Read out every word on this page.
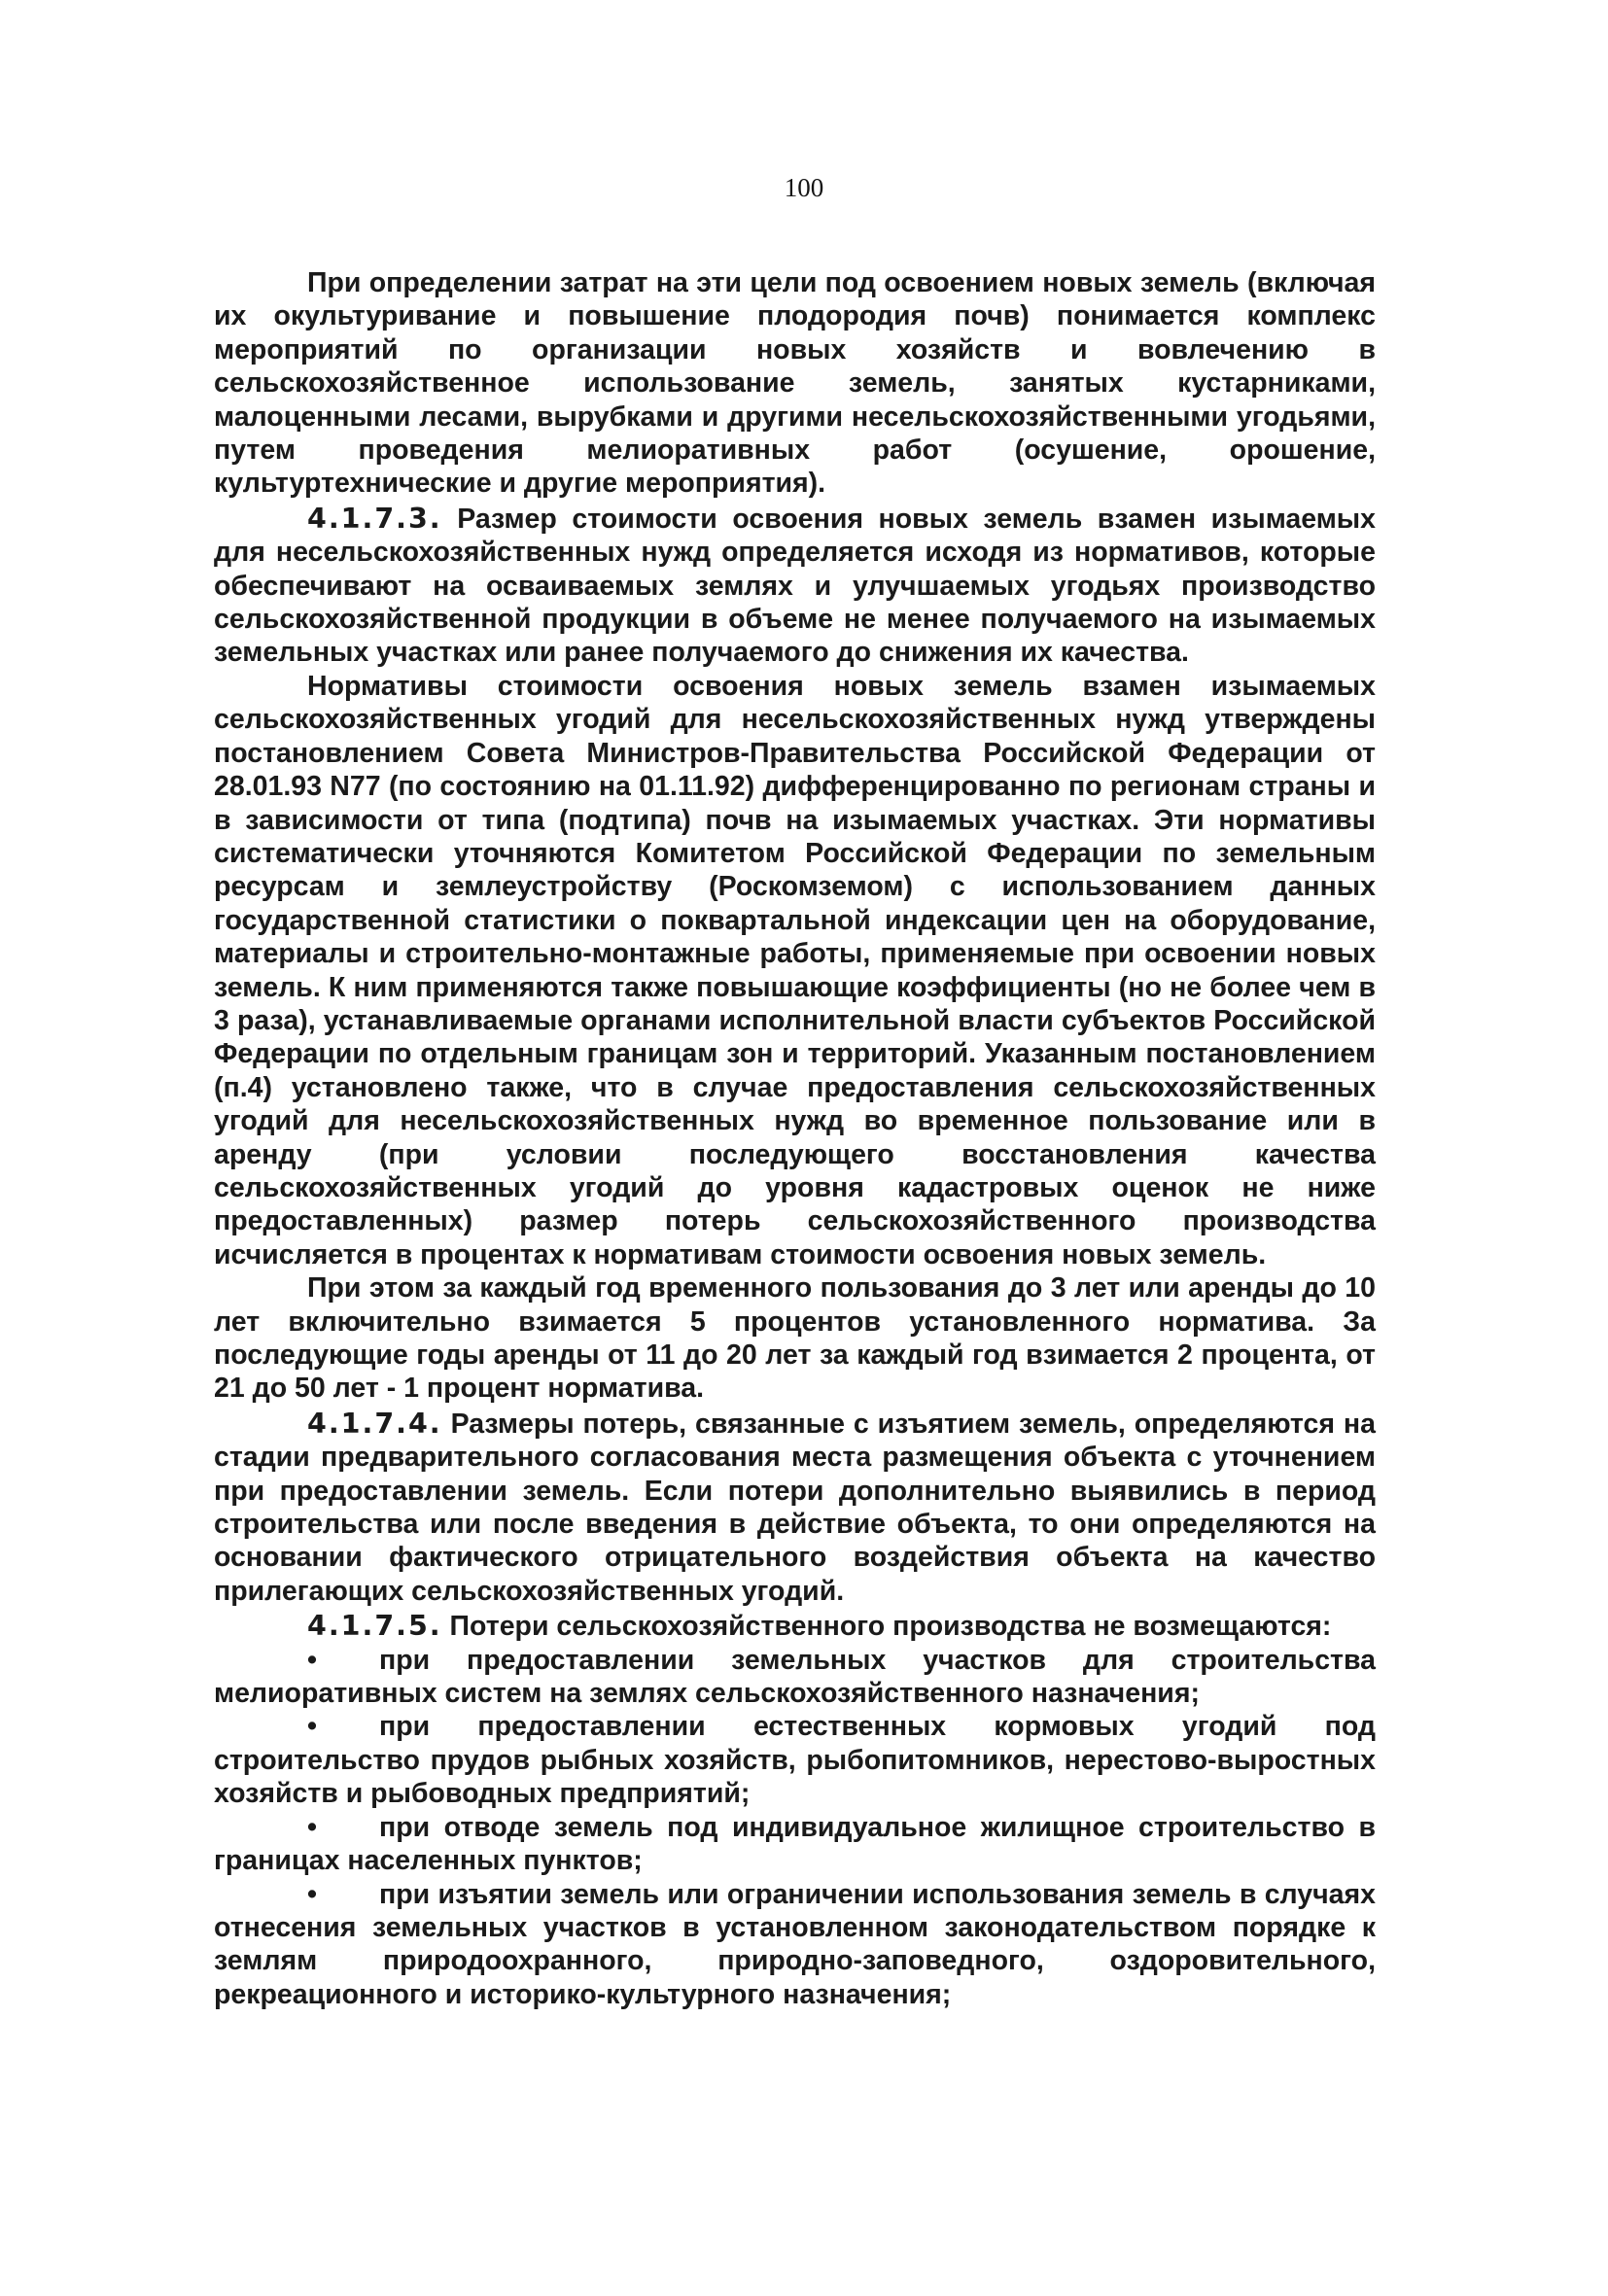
100

При определении затрат на эти цели под освоением новых земель (включая их окультуривание и повышение плодородия почв) понимается комплекс мероприятий по организации новых хозяйств и вовлечению в сельскохозяйственное использование земель, занятых кустарниками, малоценными лесами, вырубками и другими несельскохозяйственными угодьями, путем проведения мелиоративных работ (осушение, орошение, культуртехнические и другие мероприятия).

4.1.7.3. Размер стоимости освоения новых земель взамен изымаемых для несельскохозяйственных нужд определяется исходя из нормативов, которые обеспечивают на осваиваемых землях и улучшаемых угодьях производство сельскохозяйственной продукции в объеме не менее получаемого на изымаемых земельных участках или ранее получаемого до снижения их качества.

Нормативы стоимости освоения новых земель взамен изымаемых сельскохозяйственных угодий для несельскохозяйственных нужд утверждены постановлением Совета Министров-Правительства Российской Федерации от 28.01.93 N77 (по состоянию на 01.11.92) дифференцированно по регионам страны и в зависимости от типа (подтипа) почв на изымаемых участках. Эти нормативы систематически уточняются Комитетом Российской Федерации по земельным ресурсам и землеустройству (Роскомземом) с использованием данных государственной статистики о поквартальной индексации цен на оборудование, материалы и строительно-монтажные работы, применяемые при освоении новых земель. К ним применяются также повышающие коэффициенты (но не более чем в 3 раза), устанавливаемые органами исполнительной власти субъектов Российской Федерации по отдельным границам зон и территорий. Указанным постановлением (п.4) установлено также, что в случае предоставления сельскохозяйственных угодий для несельскохозяйственных нужд во временное пользование или в аренду (при условии последующего восстановления качества сельскохозяйственных угодий до уровня кадастровых оценок не ниже предоставленных) размер потерь сельскохозяйственного производства исчисляется в процентах к нормативам стоимости освоения новых земель.

При этом за каждый год временного пользования до 3 лет или аренды до 10 лет включительно взимается 5 процентов установленного норматива. За последующие годы аренды от 11 до 20 лет за каждый год взимается 2 процента, от 21 до 50 лет - 1 процент норматива.

4.1.7.4. Размеры потерь, связанные с изъятием земель, определяются на стадии предварительного согласования места размещения объекта с уточнением при предоставлении земель. Если потери дополнительно выявились в период строительства или после введения в действие объекта, то они определяются на основании фактического отрицательного воздействия объекта на качество прилегающих сельскохозяйственных угодий.

4.1.7.5. Потери сельскохозяйственного производства не возмещаются:

• при предоставлении земельных участков для строительства мелиоративных систем на землях сельскохозяйственного назначения;

• при предоставлении естественных кормовых угодий под строительство прудов рыбных хозяйств, рыбопитомников, нерестово-выростных хозяйств и рыбоводных предприятий;

• при отводе земель под индивидуальное жилищное строительство в границах населенных пунктов;

• при изъятии земель или ограничении использования земель в случаях отнесения земельных участков в установленном законодательством порядке к землям природоохранного, природно-заповедного, оздоровительного, рекреационного и историко-культурного назначения;
